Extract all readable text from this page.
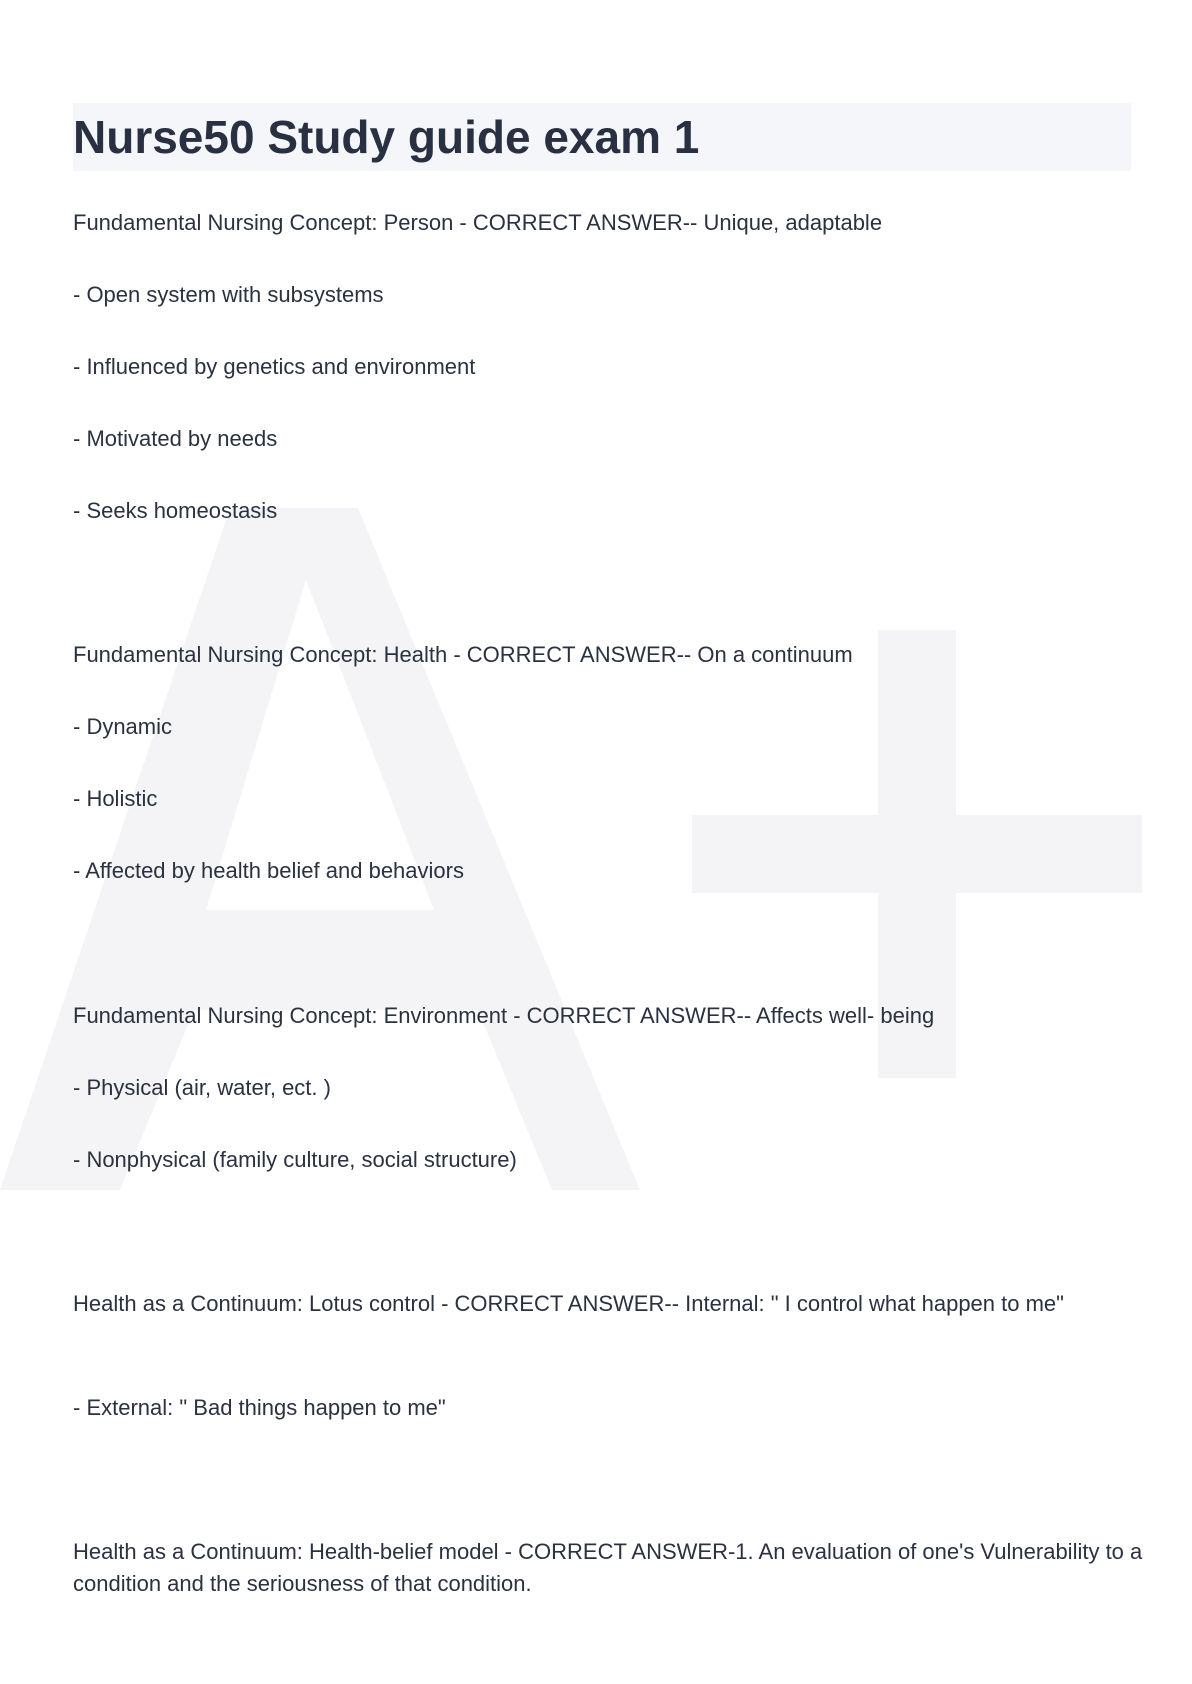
Nurse50 Study guide exam 1

Fundamental Nursing Concept: Person - CORRECT ANSWER-- Unique, adaptable

- Open system with subsystems

- Influenced by genetics and environment

- Motivated by needs

- Seeks homeostasis

Fundamental Nursing Concept: Health - CORRECT ANSWER-- On a continuum

- Dynamic

- Holistic

- Affected by health belief and behaviors

Fundamental Nursing Concept: Environment - CORRECT ANSWER-- Affects well- being

- Physical (air, water, ect. )

- Nonphysical (family culture, social structure)

Health as a Continuum: Lotus control - CORRECT ANSWER-- Internal: " I control what happen to me"

- External: " Bad things happen to me"

Health as a Continuum: Health-belief model - CORRECT ANSWER-1. An evaluation of one's Vulnerability to a condition and the seriousness of that condition.
